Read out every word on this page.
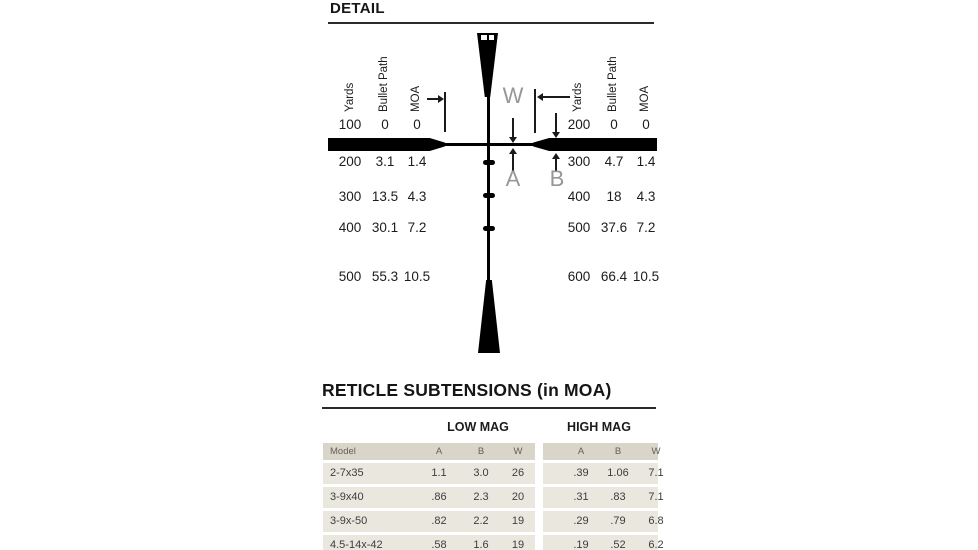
DETAIL
W
A B
Yards Bullet Path MOA
100	0	0
200	3.1 1.4
300 13.5 4.3
400 30.1 7.2
500 55.3 10.5
Yards Bullet Path MOA
200	0	0
300	4.7 1.4
400	18	4.3
500 37.6 7.2
600 66.4 10.5
RETICLE SUBTENSIONS (in MOA)
LOW MAG	HIGH MAG
Model	A	B	W	A	B	W
2-7x35	1.1	3.0	26	.39	1.06	7.1
3-9x40	.86	2.3	20	.31	.83	7.1
3-9x-50	.82	2.2	19	.29	.79	6.8
4.5-14x-42	.58	1.6	19	.19	.52	6.2
